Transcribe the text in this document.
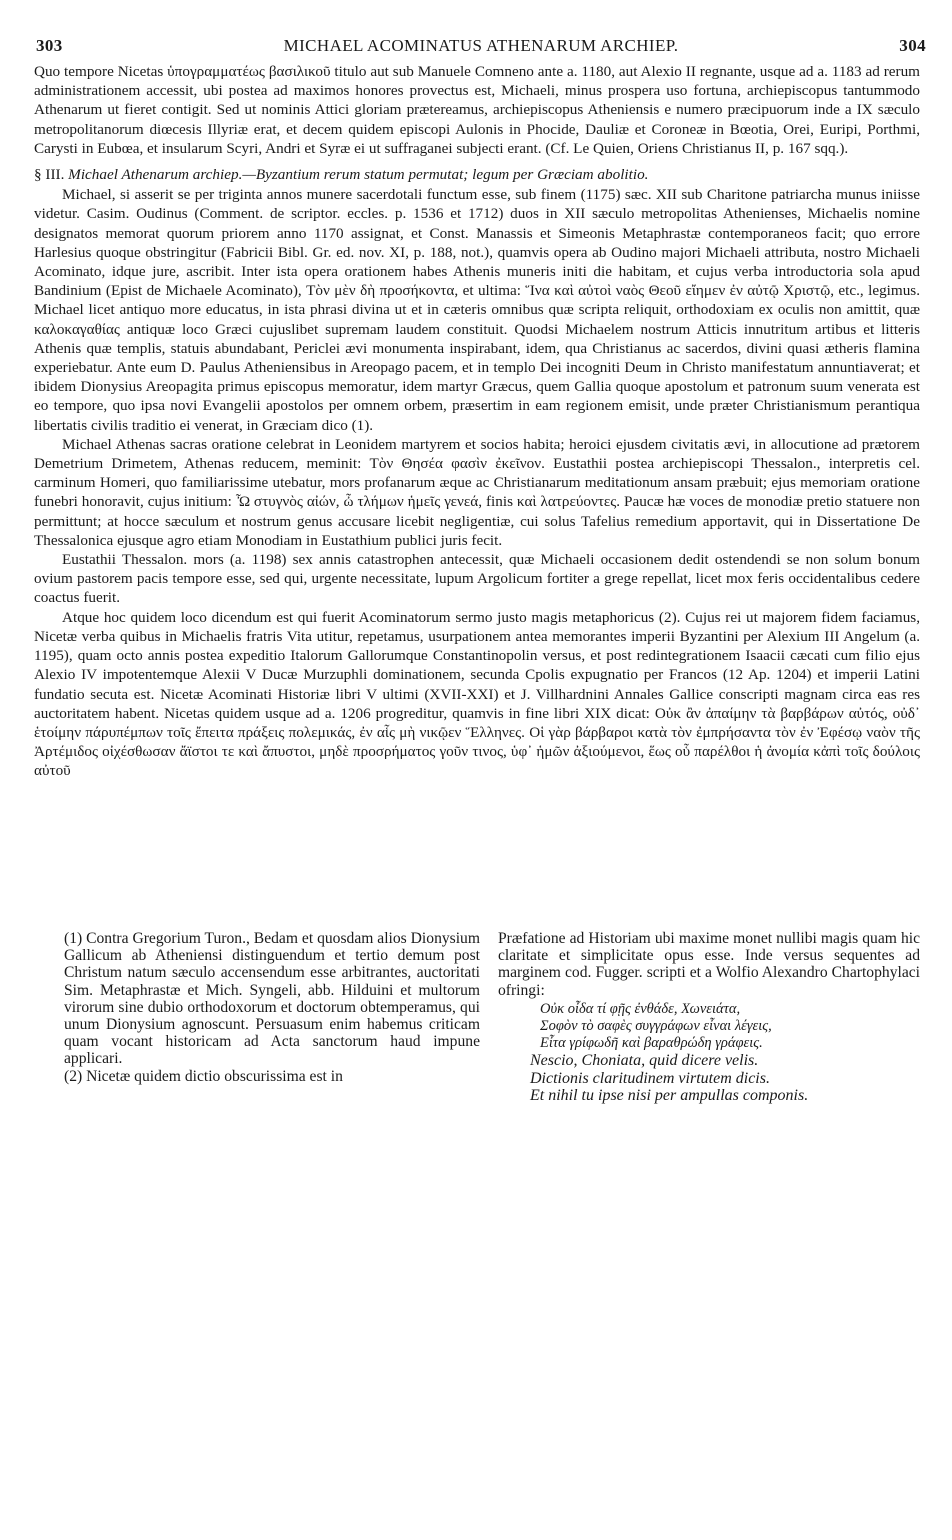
303	MICHAEL ACOMINATUS ATHENARUM ARCHIEP.	304

Quo tempore Nicetas ὑπογραμματέως βασιλικοῦ titulo aut sub Manuele Comneno ante a. 1180, aut Alexio II regnante, usque ad a. 1183 ad rerum administrationem accessit, ubi postea ad maximos honores provectus est, Michaeli, minus prospera uso fortuna, archiepiscopus tantummodo Athenarum ut fieret contigit. Sed ut nominis Attici gloriam prætereamus, archiepiscopus Atheniensis e numero præcipuorum inde a IX sæculo metropolitanorum diœcesis Illyriæ erat, et decem quidem episcopi Aulonis in Phocide, Dauliæ et Coroneæ in Bœotia, Orei, Euripi, Porthmi, Carysti in Eubœa, et insularum Scyri, Andri et Syræ ei ut suffraganei subjecti erant. (Cf. Le Quien, Oriens Christianus II, p. 167 sqq.).

§ III. Michael Athenarum archiep.—Byzantium rerum statum permutat; legum per Græciam abolitio.

Michael, si asserit se per triginta annos munere sacerdotali functum esse, sub finem (1175) sæc. XII sub Charitone patriarcha munus iniisse videtur. Casim. Oudinus (Comment. de scriptor. eccles. p. 1536 et 1712) duos in XII sæculo metropolitas Athenienses, Michaelis nomine designatos memorat quorum priorem anno 1170 assignat, et Const. Manassis et Simeonis Metaphrastæ contemporaneos facit; quo errore Harlesius quoque obstringitur (Fabricii Bibl. Gr. ed. nov. XI, p. 188, not.), quamvis opera ab Oudino majori Michaeli attributa, nostro Michaeli Acominato, idque jure, ascribit. Inter ista opera orationem habes Athenis muneris initi die habitam, et cujus verba introductoria sola apud Bandinium (Epist de Michaele Acominato), Τὸν μὲν δὴ προσήκοντα, et ultima: Ἵνα καὶ αὐτοὶ ναὸς Θεοῦ εἴημεν ἐν αὐτῷ Χριστῷ, etc., legimus. Michael licet antiquo more educatus, in ista phrasi divina ut et in cæteris omnibus quæ scripta reliquit, orthodoxiam ex oculis non amittit, quæ καλοκαγαθίας antiquæ loco Græci cujuslibet supremam laudem constituit. Quodsi Michaelem nostrum Atticis innutritum artibus et litteris Athenis quæ templis, statuis abundabant, Periclei ævi monumenta inspirabant, idem, qua Christianus ac sacerdos, divini quasi ætheris flamina experiebatur. Ante eum D. Paulus Atheniensibus in Areopago pacem, et in templo Dei incogniti Deum in Christo manifestatum annuntiaverat; et ibidem Dionysius Areopagita primus episcopus memoratur, idem martyr Græcus, quem Gallia quoque apostolum et patronum suum venerata est eo tempore, quo ipsa novi Evangelii apostolos per omnem orbem, præsertim in eam regionem emisit, unde præter Christianismum perantiqua libertatis civilis traditio ei venerat, in Græciam dico (1).

Michael Athenas sacras oratione celebrat in Leonidem martyrem et socios habita; heroici ejusdem civitatis ævi, in allocutione ad prætorem Demetrium Drimetem, Athenas reducem, meminit: Τὸν Θησέα φασὶν ἐκεῖνον. Eustathii postea archiepiscopi Thessalon., interpretis cel. carminum Homeri, quo familiarissime utebatur, mors profanarum æque ac Christianarum meditationum ansam præbuit; ejus memoriam oratione funebri honoravit, cujus initium: Ὦ στυγνὸς αἰών, ὦ τλήμων ἡμεῖς γενεά, finis καὶ λατρεύοντες. Paucæ hæ voces de monodiæ pretio statuere non permittunt; at hocce sæculum et nostrum genus accusare licebit negligentiæ, cui solus Tafelius remedium apportavit, qui in Dissertatione De Thessalonica ejusque agro etiam Monodiam in Eustathium publici juris fecit.

Eustathii Thessalon. mors (a. 1198) sex annis catastrophen antecessit, quæ Michaeli occasionem dedit ostendendi se non solum bonum ovium pastorem pacis tempore esse, sed qui, urgente necessitate, lupum Argolicum fortiter a grege repellat, licet mox feris occidentalibus cedere coactus fuerit.

Atque hoc quidem loco dicendum est qui fuerit Acominatorum sermo justo magis metaphoricus (2). Cujus rei ut majorem fidem faciamus, Nicetæ verba quibus in Michaelis fratris Vita utitur, repetamus, usurpationem antea memorantes imperii Byzantini per Alexium III Angelum (a. 1195), quam octo annis postea expeditio Italorum Gallorumque Constantinopolin versus, et post redintegrationem Isaacii cæcati cum filio ejus Alexio IV impotentemque Alexii V Ducæ Murzuphli dominationem, secunda Cpolis expugnatio per Francos (12 Ap. 1204) et imperii Latini fundatio secuta est. Nicetæ Acominati Historiæ libri V ultimi (XVII-XXI) et J. Villhardnini Annales Gallice conscripti magnam circa eas res auctoritatem habent. Nicetas quidem usque ad a. 1206 progreditur, quamvis in fine libri XIX dicat: Οὐκ ἂν ἀπαίμην τὰ βαρβάρων αὐτός, οὐδ᾽ ἑτοίμην πάρυπέμπων τοῖς ἔπειτα πράξεις πολεμικάς, ἐν αἷς μὴ νικῷεν Ἕλληνες. Οἱ γὰρ βάρβαροι κατὰ τὸν ἐμπρήσαντα τὸν ἐν Ἐφέσῳ ναὸν τῆς Ἀρτέμιδος οἰχέσθωσαν ἄϊστοι τε καὶ ἄπυστοι, μηδὲ προσρήματος γοῦν τινος, ὑφ᾽ ἡμῶν ἀξιούμενοι, ἕως οὗ παρέλθοι ἡ ἀνομία κἀπὶ τοῖς δούλοις αὐτοῦ

(1) Contra Gregorium Turon., Bedam et quosdam alios Dionysium Gallicum ab Atheniensi distinguendum et tertio demum post Christum natum sæculo accensendum esse arbitrantes, auctoritati Sim. Metaphrastæ et Mich. Syngeli, abb. Hilduini et multorum virorum sine dubio orthodoxorum et doctorum obtemperamus, qui unum Dionysium agnoscunt. Persuasum enim habemus criticam quam vocant historicam ad Acta sanctorum haud impune applicari.

(2) Nicetæ quidem dictio obscurissima est in

Præfatione ad Historiam ubi maxime monet nullibi magis quam hic claritate et simplicitate opus esse. Inde versus sequentes ad marginem cod. Fugger. scripti et a Wolfio Alexandro Chartophylaci ofringi:

Οὐκ οἶδα τί φῇς ἐνθάδε, Χωνειάτα,
Σοφὸν τὸ σαφὲς συγγράφων εἶναι λέγεις,
Εἶτα γρίφωδῆ καὶ βαραθρώδη γράφεις.
Nescio, Choniata, quid dicere velis.
Dictionis claritudinem virtutem dicis.
Et nihil tu ipse nisi per ampullas componis.
